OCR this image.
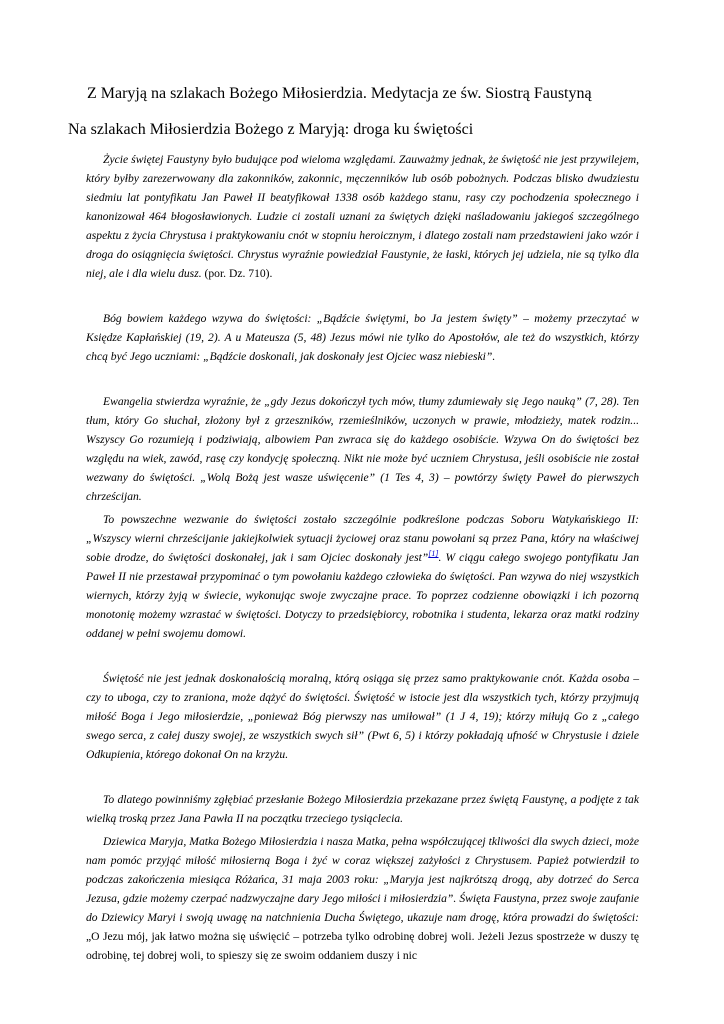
Z Maryją na szlakach Bożego Miłosierdzia. Medytacja ze św. Siostrą Faustyną
Na szlakach Miłosierdzia Bożego z Maryją: droga ku świętości

Życie świętej Faustyny było budujące pod wieloma względami. Zauważmy jednak, że świętość nie jest przywilejem, który byłby zarezerwowany dla zakonników, zakonnic, męczenników lub osób pobożnych. Podczas blisko dwudziestu siedmiu lat pontyfikatu Jan Paweł II beatyfikował 1338 osób każdego stanu, rasy czy pochodzenia społecznego i kanonizował 464 błogosławionych. Ludzie ci zostali uznani za świętych dzięki naśladowaniu jakiegoś szczególnego aspektu z życia Chrystusa i praktykowaniu cnót w stopniu heroicznym, i dlatego zostali nam przedstawieni jako wzór i droga do osiągnięcia świętości. Chrystus wyraźnie powiedział Faustynie, że łaski, których jej udziela, nie są tylko dla niej, ale i dla wielu dusz. (por. Dz. 710).

Bóg bowiem każdego wzywa do świętości: „Bądźcie świętymi, bo Ja jestem święty” – możemy przeczytać w Księdze Kapłańskiej (19, 2). A u Mateusza (5, 48) Jezus mówi nie tylko do Apostołów, ale też do wszystkich, którzy chcą być Jego uczniami: „Bądźcie doskonali, jak doskonały jest Ojciec wasz niebieski”.

Ewangelia stwierdza wyraźnie, że „gdy Jezus dokończył tych mów, tłumy zdumiewały się Jego nauką” (7, 28). Ten tłum, który Go słuchał, złożony był z grzeszników, rzemieślników, uczonych w prawie, młodzieży, matek rodzin... Wszyscy Go rozumieją i podziwiają, albowiem Pan zwraca się do każdego osobiście. Wzywa On do świętości bez względu na wiek, zawód, rasę czy kondycję społeczną. Nikt nie może być uczniem Chrystusa, jeśli osobiście nie został wezwany do świętości. „Wolą Bożą jest wasze uświęcenie” (1 Tes 4, 3) – powtórzy święty Paweł do pierwszych chrześcijan.

To powszechne wezwanie do świętości zostało szczególnie podkreślone podczas Soboru Watykańskiego II: „Wszyscy wierni chrześcijanie jakiejkolwiek sytuacji życiowej oraz stanu powołani są przez Pana, który na właściwej sobie drodze, do świętości doskonałej, jak i sam Ojciec doskonały jest”[1]. W ciągu całego swojego pontyfikatu Jan Paweł II nie przestawał przypominać o tym powołaniu każdego człowieka do świętości. Pan wzywa do niej wszystkich wiernych, którzy żyją w świecie, wykonując swoje zwyczajne prace. To poprzez codzienne obowiązki i ich pozorną monotonię możemy wzrastać w świętości. Dotyczy to przedsiębiorcy, robotnika i studenta, lekarza oraz matki rodziny oddanej w pełni swojemu domowi.

Świętość nie jest jednak doskonałością moralną, którą osiąga się przez samo praktykowanie cnót. Każda osoba – czy to uboga, czy to zraniona, może dążyć do świętości. Świętość w istocie jest dla wszystkich tych, którzy przyjmują miłość Boga i Jego miłosierdzie, „ponieważ Bóg pierwszy nas umiłował” (1 J 4, 19); którzy miłują Go z „całego swego serca, z całej duszy swojej, ze wszystkich swych sił” (Pwt 6, 5) i którzy pokładają ufność w Chrystusie i dziele Odkupienia, którego dokonał On na krzyżu.

To dlatego powinniśmy zgłębiać przesłanie Bożego Miłosierdzia przekazane przez świętą Faustynę, a podjęte z tak wielką troską przez Jana Pawła II na początku trzeciego tysiąclecia.

Dziewica Maryja, Matka Bożego Miłosierdzia i nasza Matka, pełna współczującej tkliwości dla swych dzieci, może nam pomóc przyjąć miłość miłosierną Boga i żyć w coraz większej zażyłości z Chrystusem. Papież potwierdził to podczas zakończenia miesiąca Różańca, 31 maja 2003 roku: „Maryja jest najkrótszą drogą, aby dotrzeć do Serca Jezusa, gdzie możemy czerpać nadzwyczajne dary Jego miłości i miłosierdzia”. Święta Faustyna, przez swoje zaufanie do Dziewicy Maryi i swoją uwagę na natchnienia Ducha Świętego, ukazuje nam drogę, która prowadzi do świętości: „O Jezu mój, jak łatwo można się uświęcić – potrzeba tylko odrobinę dobrej woli. Jeżeli Jezus spostrzeże w duszy tę odrobinę, tej dobrej woli, to spieszy się ze swoim oddaniem duszy i nic
